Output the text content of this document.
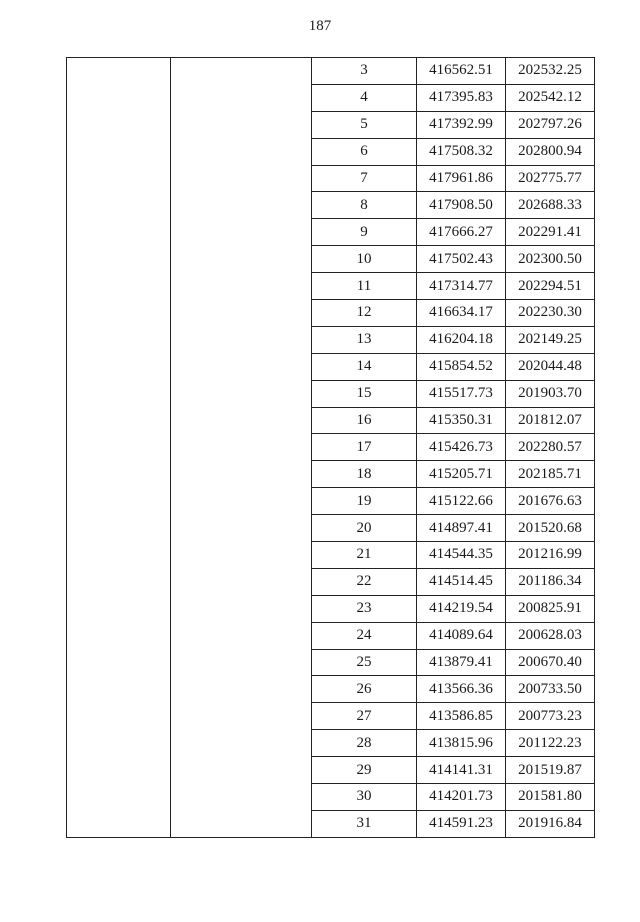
187
		3	416562.51	202532.25
		4	417395.83	202542.12
		5	417392.99	202797.26
		6	417508.32	202800.94
		7	417961.86	202775.77
		8	417908.50	202688.33
		9	417666.27	202291.41
		10	417502.43	202300.50
		11	417314.77	202294.51
		12	416634.17	202230.30
		13	416204.18	202149.25
		14	415854.52	202044.48
		15	415517.73	201903.70
		16	415350.31	201812.07
		17	415426.73	202280.57
		18	415205.71	202185.71
		19	415122.66	201676.63
		20	414897.41	201520.68
		21	414544.35	201216.99
		22	414514.45	201186.34
		23	414219.54	200825.91
		24	414089.64	200628.03
		25	413879.41	200670.40
		26	413566.36	200733.50
		27	413586.85	200773.23
		28	413815.96	201122.23
		29	414141.31	201519.87
		30	414201.73	201581.80
		31	414591.23	201916.84
